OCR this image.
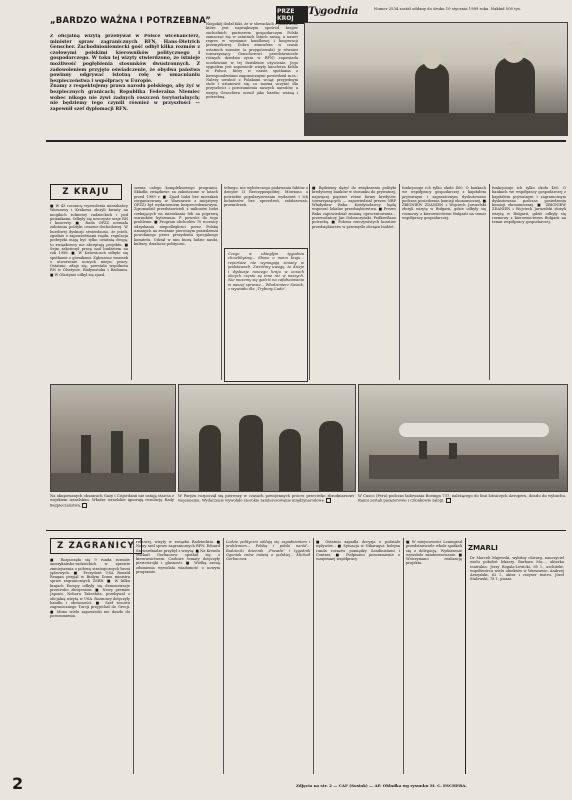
PRZE KROJ
Tygodnia	Numer 2534 został oddany do druku 10 stycznia 1989 roku. Nakład 500 tys.
„BARDZO WAŻNA I POTRZEBNA”
Z oficjalną wizytą przebywał w Polsce wicekanclerz, minister spraw zagranicznych RFN, Hans-Dietrich Genscher. Zachodnioniemiecki gość odbył kilka rozmów z czołowymi polskimi kierowników politycznego i gospodarczego. W toku tej wizyty stwierdzono, że istnieje możliwość pogłębienia stosunków dwustronnych. Z zadowoleniem przyjęto oświadczenie, że obydwa państwa powinny odgrywać istotną rolę w umacnianiu bezpieczeństwa i współpracy w Europie.
Znamy z respektujemy prawa narodu polskiego, aby żyć w bezpiecznych granicach; Republika Federalna Niemiec wobec nikogo nie żywi żadnych roszczeń terytorialnych; nie będziemy tego czynili również w przyszłości — zapewnił szef dyplomacji RFN.
Niepokój dodał fakt, że w słowackich z państwem, które jest największym spośród krajów zachodnich partnerem gospodarczym Polski zamacząć się w ostatnich latach naszą, a nawet regres w wymianie handlowej i kooperacji przemysłowej. Dobra atmosfera w czasie ostatnich rozmów (a przygotowała) je również towarzyszący Genscherowi przedstawiciele różnych dziedzin życia w RFN) zapowiada oczekiwane w tej dziedzinie ożywienie. Jego sygnałem jest zapowiedź wizyty kanclerza Kohla w Polsce, który w czasie spotkania z korespondentami zagranicznymi powiedział m.in.: Należy uwolnić z Polakami wciąż przyjednym stole i ustanowić się, co można uczynić dla przyszłości i porozumienia naszych narodów, a wizytę Genschera ocenił jako bardzo ważną i potrzebną.
Z KRAJU
■ W 43 rocznicę wyzwolenia mieszkańcy Warszawy i Krakowa złożyli kwiaty na mogiłach żołnierzy radzieckich i pod pomnikami. Odbyły się uroczyste sesje RN i koncerty. ■ Rada OPZZ oceniała założenia polityki cenowo-dochodowej. W burzliwej dyskusji stwierdzono, że jeżeli, zgodnie z zapowiedziami rządu, regulacja podwyżki mają być tylko ostatnią drogą, to związkowcy nie akceptują projektu. ■ Sejm zakończył pracę nad budżetem na rok 1988. ■ W Katowicach odbyło się spotkanie z górnikami. Zgłoszono wniosek o utworzenie nowych miejsc pracy. Ostatnio, zdaje się, powstała wspólnota RN w Olsztynie, Białymstoku i Radomiu. ■ W Olsztynie odbył się zjazd.
szenia całego kompleksowego programu. Składki związkowe za zakończone w latach przed 1989 r. ■ Zjazd ludzi bez mieszkań zorganizowany w Warszawie z inicjatywy OPZZ) był wydarzeniem bezprecedensowym. Zgromadził przedstawicieli z milionów ludzi czekających na mieszkania lub na poprawę warunków bytowania. P. powróci do tego problemu. ■ Program obchodów 70 rocznicy odzyskania niepodległości przez Polskę uznanych na zwołanie pierwszym posiedzeniu powołanego przez prezydenta specjalnego komitetu. Udział w nim biorą ludzie nauki, kultury, działacze polityczni.
telnego, nie wybiórczego podawania faktów z dziejów II Rzeczypospolitej. Mówiono o potrzebie popularyzowania wydarzeń i ich bohaterów bez uprzedzeń, zafałszowań, przemilczeń.
Czego w ubiegłym tygodniu chcielibyśmy... Słowo o moim kraju... reportaże nie wymagają zmiany w podstawach. Zwróćmy uwagę, że dzieje i dyskusje naszego kraju w oczach obcych często są inne niż w naszych. Nie możemy się godzić na zafałszowania w naszej sprawie... Włodzimierz Sosnik, z wywiadu dla „Trybuny Ludu”.
■ Będziemy dążyć do zwiększenia polityki kredytowej banków w stosunku do prywatnej, najwięcej poprzez różne formy kredytów towarzyszących — zapowiedział prezes NBP Władysław Baka. Kredytodawcy będą wspierać lokalne przedsiębiorstwa. ■ Prezes Baka zapowiedział zmianę oprocentowania... przewodniczy Jan Dobraczyński. Podkreślano potrzebę. ■ Połowa rzeczywistych kosztów przedsiębiorstw w przemyśle obciąża budżet.
funkcjonuje ich tylko około 400. O bankach we współpracy gospodarczej z kapitałem prywatnym i zagranicznym dyskutowano podczas posiedzenia komisji ekonomicznej. ■ ZBIGNIEW ZDANIEN i Wojciech Jaruzelski złożyli wizytę w Bułgarii, gdzie odbyły się rozmowy z kierownictwem Bułgarii na temat współpracy gospodarczej.
funkcjonuje ich tylko około 400. O bankach we współpracy gospodarczej z kapitałem prywatnym i zagranicznym dyskutowano podczas posiedzenia komisji ekonomicznej. ■ ZBIGNIEW ZDANIEN i Wojciech Jaruzelski złożyli wizytę w Bułgarii, gdzie odbyły się rozmowy z kierownictwem Bułgarii na temat współpracy gospodarczej.
Na okupowanych obszarach Gazy i Cisjordanii nie ustają starcia z wojskiem izraelskim. Władze izraelskie ignorują rezolucję Rady Bezpieczeństwa.
W Paryżu rozpoczął się pierwszy w czasach powojennych proces przeciwko zbrodniarzowi wojennemu. Wydarzenie wywołało szerokie zainteresowanie międzynarodowe.
W Cusco (Peru) podczas ładowania Boeinga 737, należącego do linii lotniczych Aeroperu, doszło do wybuchu. Ranni zostali pasażerowie i członkowie załogi.
Z ZAGRANICY
■ Rozpoczęła się 9 runda rozmów amerykańsko-radzieckich w sprawie zmniejszenia o połowę strategicznych broni jądrowych. ■ Prezydent USA Ronald Reagan przyjął w Białym Domu ministra spraw zagranicznych ZSRR. ■ W kilku krajach Europy odbyły się demonstracje przeciwko zbrojeniom. ■ Nowy premier Japonii, Noboru Takeshita, przebywał z oficjalną wizytą w USA. Rozmowy dotyczyły handlu i obronności. ■ Szef resortu zagranicznego Turcji przyjechał do Grecji. ■ Mimo wielu zapowiedzi nie doszło do porozumienia.
rubowej, wizyty w związku Radzieckim. ■ Nowy szef spraw zagranicznych RFN, Eduard Szewardnadze przybył z wizytą. ■ Na Kremlu Michaił Gorbaczow spotkał się z kierownictwem. Czołowe tematy dotyczyły pieriestrojki i głasnosti. ■ Wielką arenę zdumienia wywołała wiadomość o nowym programie.
Ludzie polityczni oddają się zagadnieniom i problemom... Polską i polski naród... Radziecki dziennik „Prawda” i tygodnik Ogoniok znów mówią o polskiej... Michaił Gorbaczow.
■ Ostatnio zapadła decyzja o podziale wpływów... ■ Sytuacja w Nikaragui: kolejna runda rozmów pomiędzy Sandinistami i Contras. ■ Podpisano porozumienie o wzajemnej współpracy.
■ W miejscowości Leningrad przedstawiciele władz spotkali się z delegacją. Wydarzenie wywołało zainteresowanie. ■ Wstrzymano realizację projektu.
ZMARLI
Dr Marceli Majewski, wybitny chirurg, nauczyciel wielu pokoleń lekarzy. Barbara Ma..., aktorka teatralna. Jerzy Rogala-Lewicki, 85 l., architekt, współtwórca wielu obiektów w Warszawie. Andrzej Arszyński, 62 l., aktor i reżyser teatru. Józef Stalewski, 78 l., pisarz.
2	Zdjęcia na str. 2 — CAF (Sosiak) — AP. Okładka wg rysunku M. C. ESCHERA.
